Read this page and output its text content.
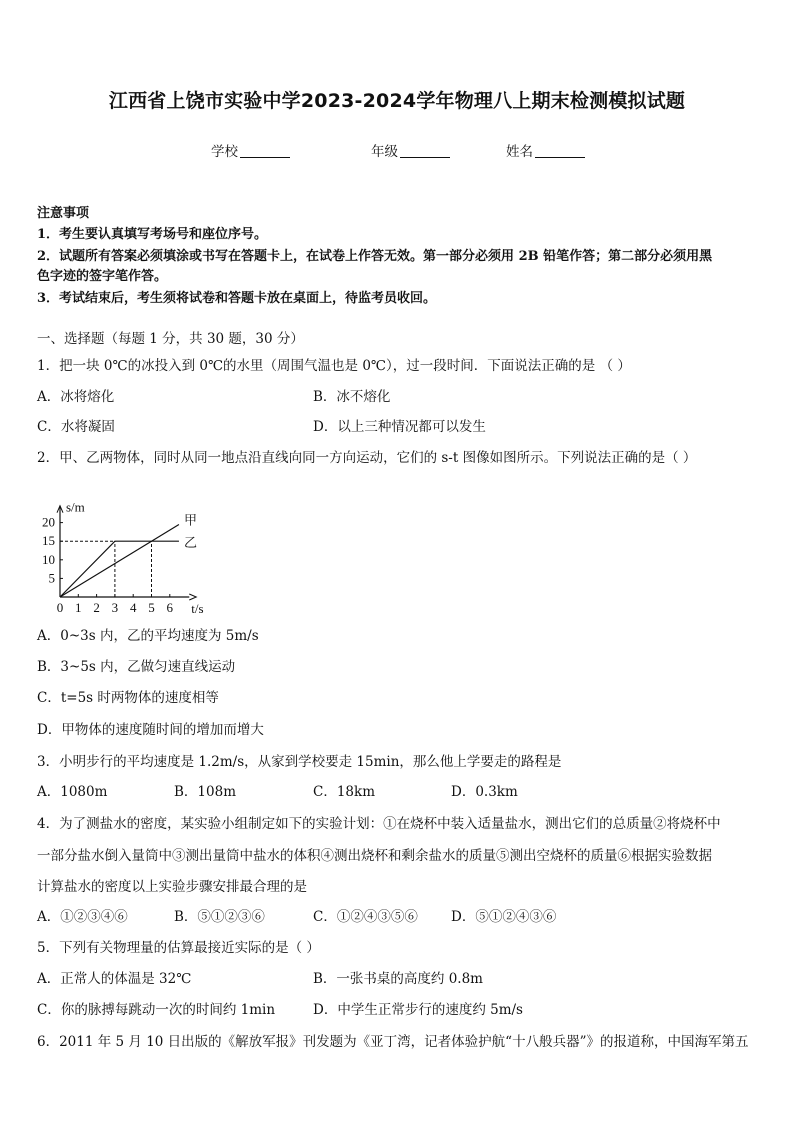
江西省上饶市实验中学2023-2024学年物理八上期末检测模拟试题
学校	年级	姓名
注意事项
1．考生要认真填写考场号和座位序号。
2．试题所有答案必须填涂或书写在答题卡上，在试卷上作答无效。第一部分必须用 2B 铅笔作答；第二部分必须用黑
色字迹的签字笔作答。
3．考试结束后，考生须将试卷和答题卡放在桌面上，待监考员收回。
一、选择题（每题 1 分，共 30 题，30 分）
1．把一块 0℃的冰投入到 0℃的水里（周围气温也是 0℃），过一段时间．下面说法正确的是 （ ）
A．冰将熔化	B．冰不熔化
C．水将凝固	D．以上三种情况都可以发生
2．甲、乙两物体，同时从同一地点沿直线向同一方向运动，它们的 s-t 图像如图所示。下列说法正确的是（ ）
0 1 2 3 4 5 6
5
10
15
20
s/m
t/s
甲
乙
A．0~3s 内，乙的平均速度为 5m/s
B．3~5s 内，乙做匀速直线运动
C．t=5s 时两物体的速度相等
D．甲物体的速度随时间的增加而增大
3．小明步行的平均速度是 1.2m/s，从家到学校要走 15min，那么他上学要走的路程是
A．1080m	B．108m	C．18km	D．0.3km
4．为了测盐水的密度，某实验小组制定如下的实验计划：①在烧杯中装入适量盐水，测出它们的总质量②将烧杯中
一部分盐水倒入量筒中③测出量筒中盐水的体积④测出烧杯和剩余盐水的质量⑤测出空烧杯的质量⑥根据实验数据
计算盐水的密度以上实验步骤安排最合理的是
A．①②③④⑥	B．⑤①②③⑥	C．①②④③⑤⑥ D．⑤①②④③⑥
5．下列有关物理量的估算最接近实际的是（ ）
A．正常人的体温是 32℃	B．一张书桌的高度约 0.8m
C．你的脉搏每跳动一次的时间约 1min	D．中学生正常步行的速度约 5m/s
6．2011 年 5 月 10 日出版的《解放军报》刊发题为《亚丁湾，记者体验护航“十八般兵器”》的报道称，中国海军第五
